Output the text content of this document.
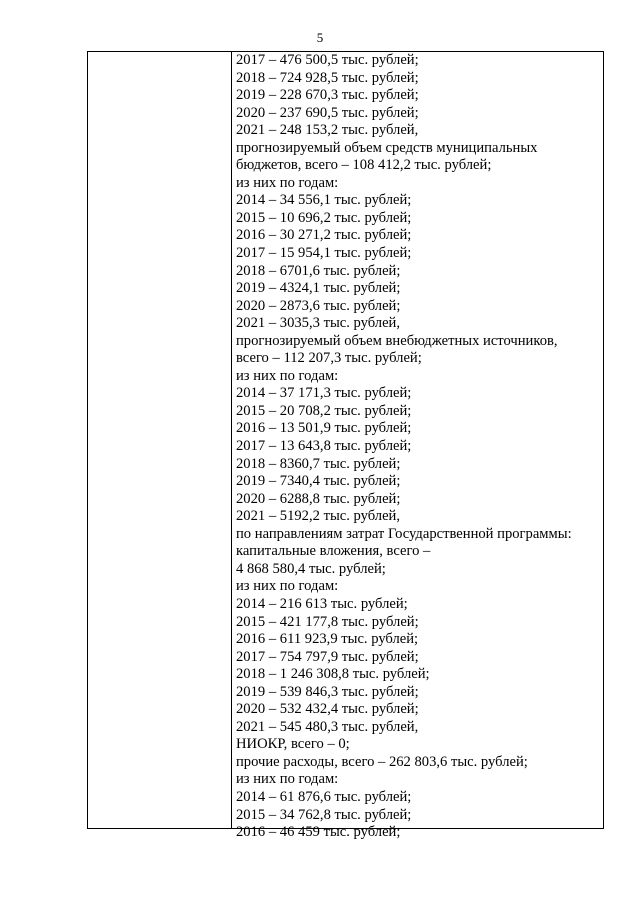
5
2017 – 476 500,5 тыс. рублей;
2018 – 724 928,5 тыс. рублей;
2019 – 228 670,3 тыс. рублей;
2020 – 237 690,5 тыс. рублей;
2021 – 248 153,2 тыс. рублей,
прогнозируемый объем средств муниципальных
бюджетов, всего – 108 412,2 тыс. рублей;
из них по годам:
2014 – 34 556,1 тыс. рублей;
2015 – 10 696,2 тыс. рублей;
2016 – 30 271,2 тыс. рублей;
2017 – 15 954,1 тыс. рублей;
2018 – 6701,6 тыс. рублей;
2019 – 4324,1 тыс. рублей;
2020 – 2873,6 тыс. рублей;
2021 – 3035,3 тыс. рублей,
прогнозируемый объем внебюджетных источников,
всего – 112 207,3 тыс. рублей;
из них по годам:
2014 – 37 171,3 тыс. рублей;
2015 – 20 708,2 тыс. рублей;
2016 – 13 501,9 тыс. рублей;
2017 – 13 643,8 тыс. рублей;
2018 – 8360,7 тыс. рублей;
2019 – 7340,4 тыс. рублей;
2020 – 6288,8 тыс. рублей;
2021 – 5192,2 тыс. рублей,
по направлениям затрат Государственной программы:
капитальные вложения, всего –
4 868 580,4 тыс. рублей;
из них по годам:
2014 – 216 613 тыс. рублей;
2015 – 421 177,8 тыс. рублей;
2016 – 611 923,9 тыс. рублей;
2017 – 754 797,9 тыс. рублей;
2018 – 1 246 308,8 тыс. рублей;
2019 – 539 846,3 тыс. рублей;
2020 – 532 432,4 тыс. рублей;
2021 – 545 480,3 тыс. рублей,
НИОКР, всего – 0;
прочие расходы, всего – 262 803,6 тыс. рублей;
из них по годам:
2014 – 61 876,6 тыс. рублей;
2015 – 34 762,8 тыс. рублей;
2016 – 46 459 тыс. рублей;
